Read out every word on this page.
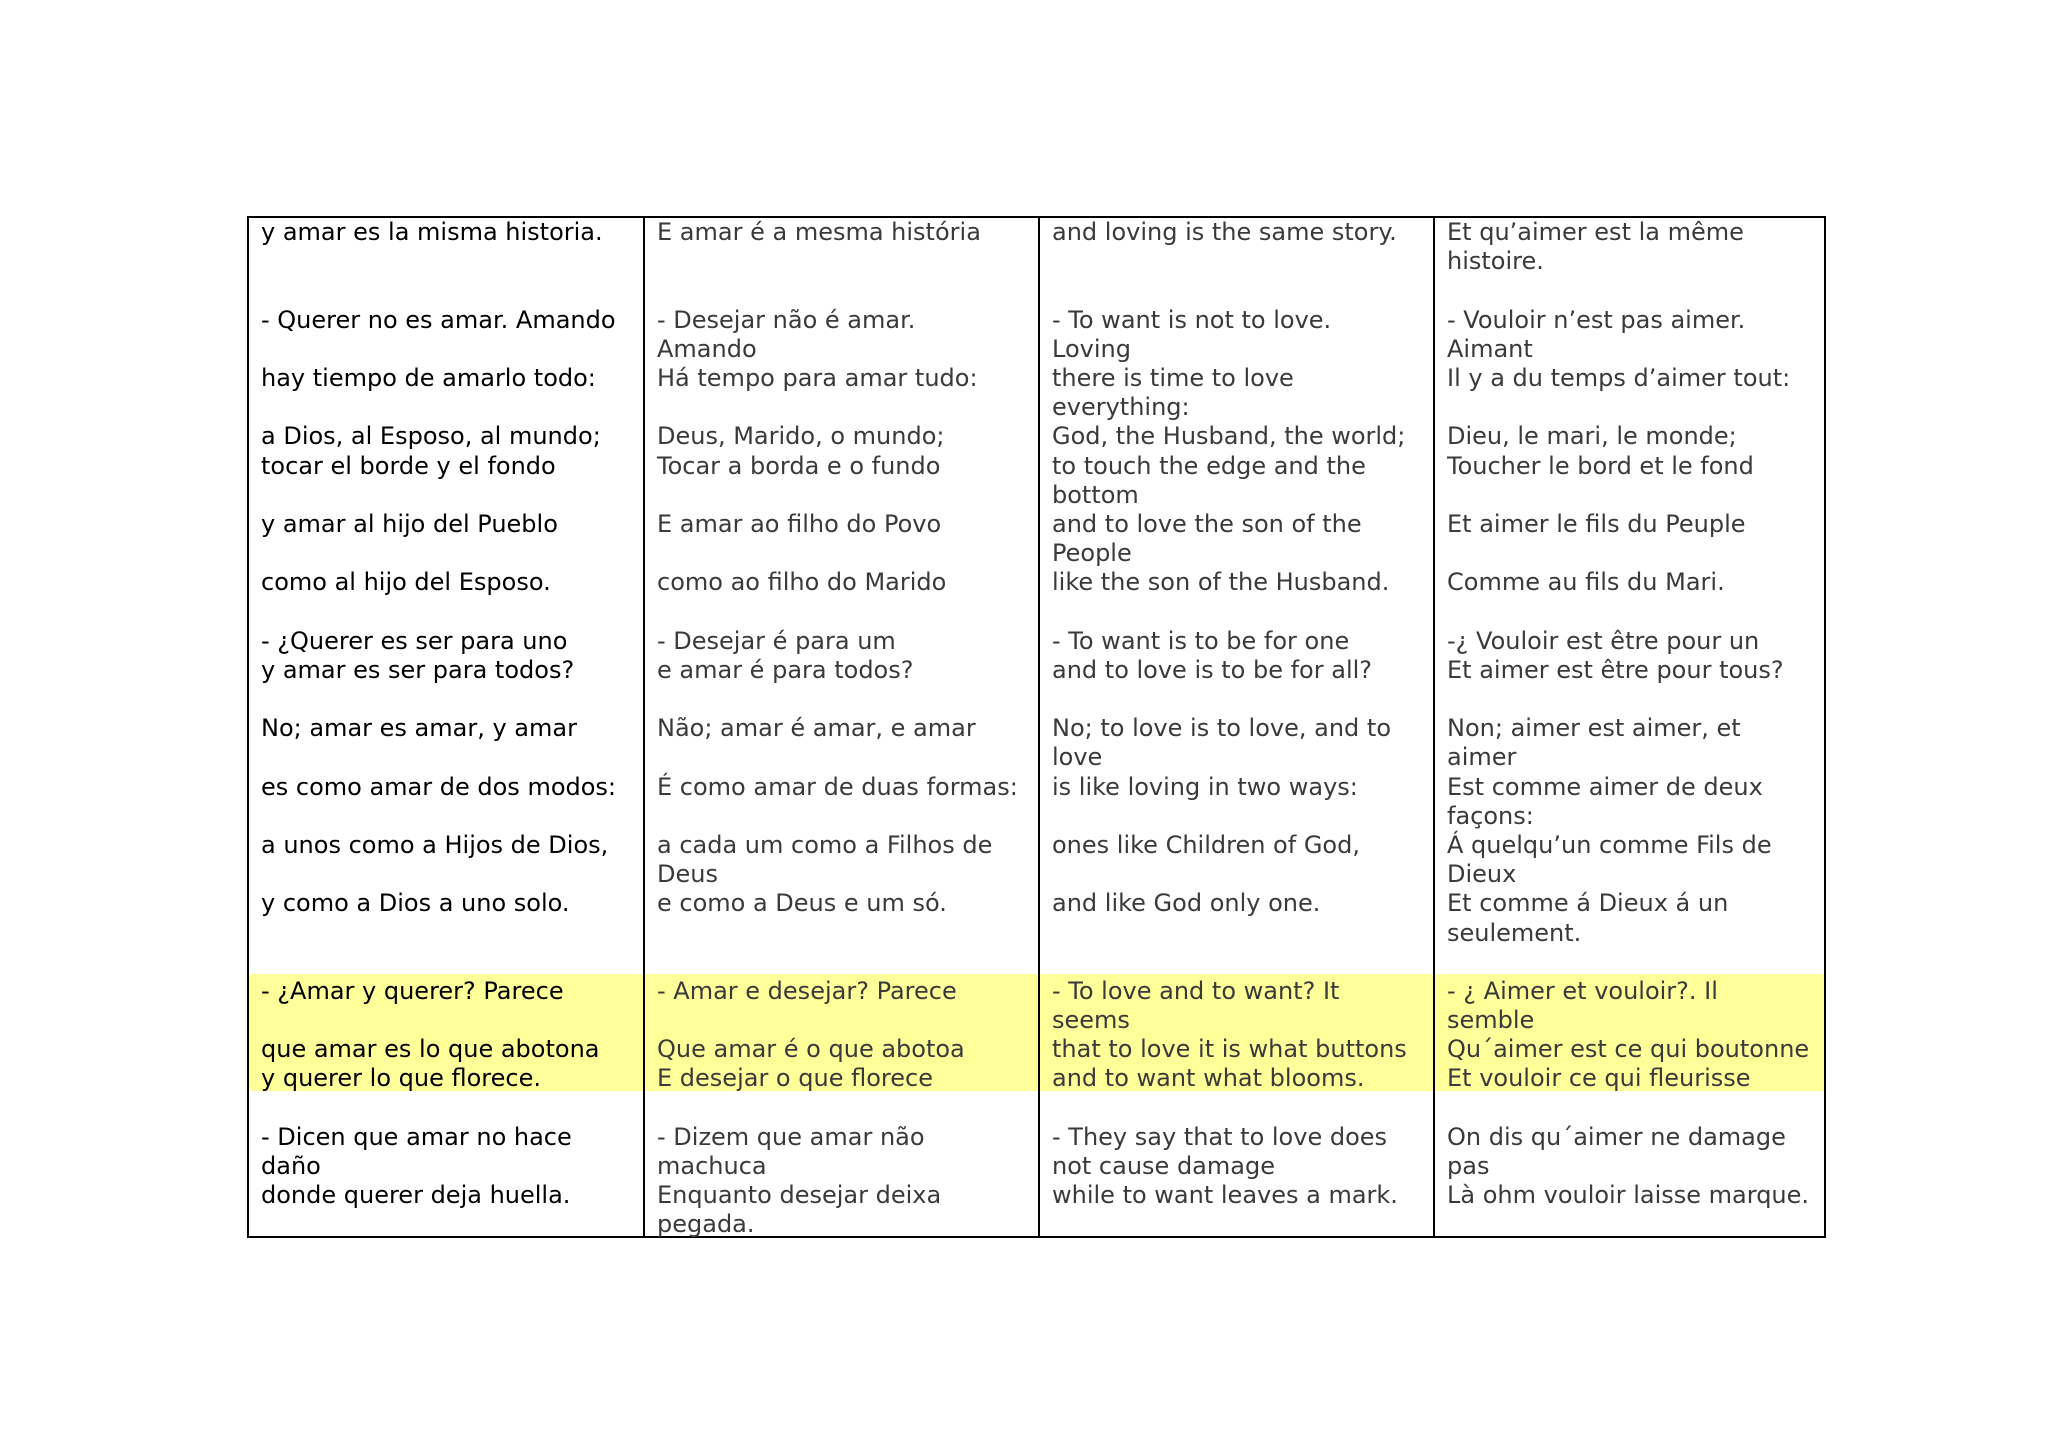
y amar es la misma historia.
- Querer no es amar. Amando
hay tiempo de amarlo todo:
a Dios, al Esposo, al mundo;
tocar el borde y el fondo
y amar al hijo del Pueblo
como al hijo del Esposo.
- ¿Querer es ser para uno
y amar es ser para todos?
No; amar es amar, y amar
es como amar de dos modos:
a unos como a Hijos de Dios,
y como a Dios a uno solo.
- ¿Amar y querer? Parece
que amar es lo que abotona
y querer lo que florece.
- Dicen que amar no hace
daño
donde querer deja huella.
E amar é a mesma história
- Desejar não é amar.
Amando
Há tempo para amar tudo:
Deus, Marido, o mundo;
Tocar a borda e o fundo
E amar ao filho do Povo
como ao filho do Marido
- Desejar é para um
e amar é para todos?
Não; amar é amar, e amar
É como amar de duas formas:
a cada um como a Filhos de
Deus
e como a Deus e um só.
- Amar e desejar? Parece
Que amar é o que abotoa
E desejar o que florece
- Dizem que amar não
machuca
Enquanto desejar deixa
pegada.
and loving is the same story.
- To want is not to love.
Loving
there is time to love
everything:
God, the Husband, the world;
to touch the edge and the
bottom
and to love the son of the
People
like the son of the Husband.
- To want is to be for one
and to love is to be for all?
No; to love is to love, and to
love
is like loving in two ways:
ones like Children of God,
and like God only one.
- To love and to want? It
seems
that to love it is what buttons
and to want what blooms.
- They say that to love does
not cause damage
while to want leaves a mark.
Et qu’aimer est la même
histoire.
- Vouloir n’est pas aimer.
Aimant
Il y a du temps d’aimer tout:
Dieu, le mari, le monde;
Toucher le bord et le fond
Et aimer le fils du Peuple
Comme au fils du Mari.
-¿ Vouloir est être pour un
Et aimer est être pour tous?
Non; aimer est aimer, et
aimer
Est comme aimer de deux
façons:
Á quelqu’un comme Fils de
Dieux
Et comme á Dieux á un
seulement.
- ¿ Aimer et vouloir?. Il
semble
Qu´aimer est ce qui boutonne
Et vouloir ce qui fleurisse
On dis qu´aimer ne damage
pas
Là ohm vouloir laisse marque.
